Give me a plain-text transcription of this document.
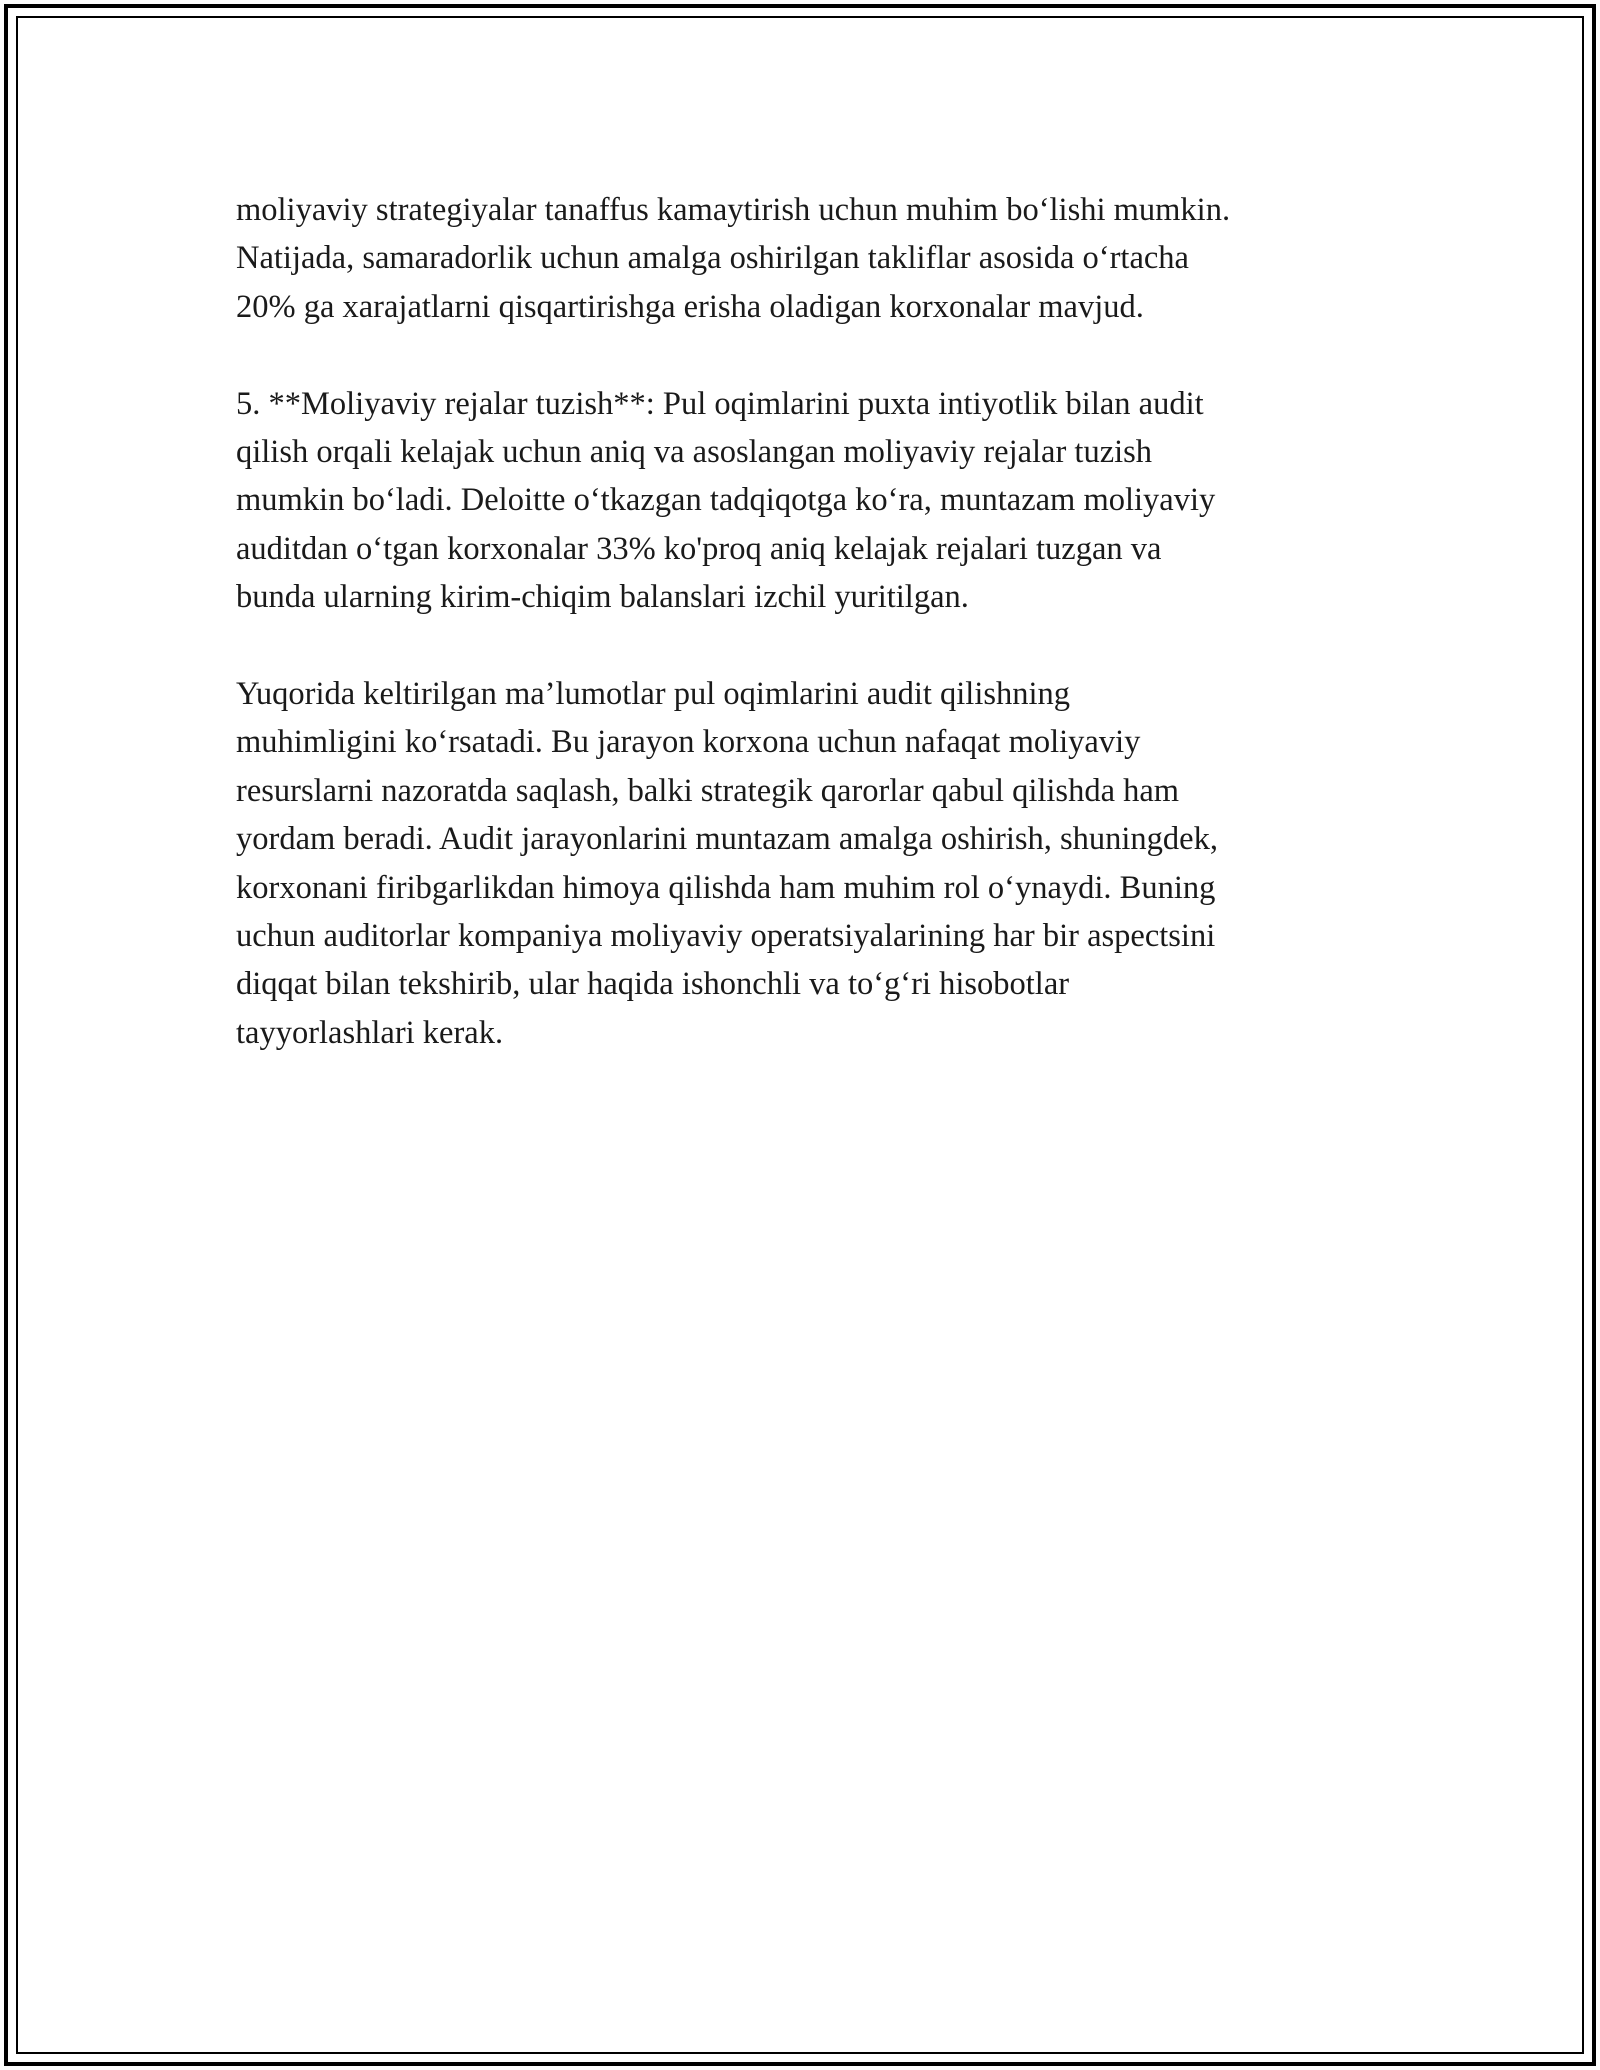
moliyaviy strategiyalar tanaffus kamaytirish uchun muhim boʻlishi mumkin.
Natijada, samaradorlik uchun amalga oshirilgan takliflar asosida oʻrtacha
20% ga xarajatlarni qisqartirishga erisha oladigan korxonalar mavjud.

5. **Moliyaviy rejalar tuzish**: Pul oqimlarini puxta intiyotlik bilan audit
qilish orqali kelajak uchun aniq va asoslangan moliyaviy rejalar tuzish
mumkin boʻladi. Deloitte oʻtkazgan tadqiqotga koʻra, muntazam moliyaviy
auditdan oʻtgan korxonalar 33% ko'proq aniq kelajak rejalari tuzgan va
bunda ularning kirim-chiqim balanslari izchil yuritilgan.

Yuqorida keltirilgan ma’lumotlar pul oqimlarini audit qilishning
muhimligini koʻrsatadi. Bu jarayon korxona uchun nafaqat moliyaviy
resurslarni nazoratda saqlash, balki strategik qarorlar qabul qilishda ham
yordam beradi. Audit jarayonlarini muntazam amalga oshirish, shuningdek,
korxonani firibgarlikdan himoya qilishda ham muhim rol oʻynaydi. Buning
uchun auditorlar kompaniya moliyaviy operatsiyalarining har bir aspectsini
diqqat bilan tekshirib, ular haqida ishonchli va toʻgʻri hisobotlar
tayyorlashlari kerak.
